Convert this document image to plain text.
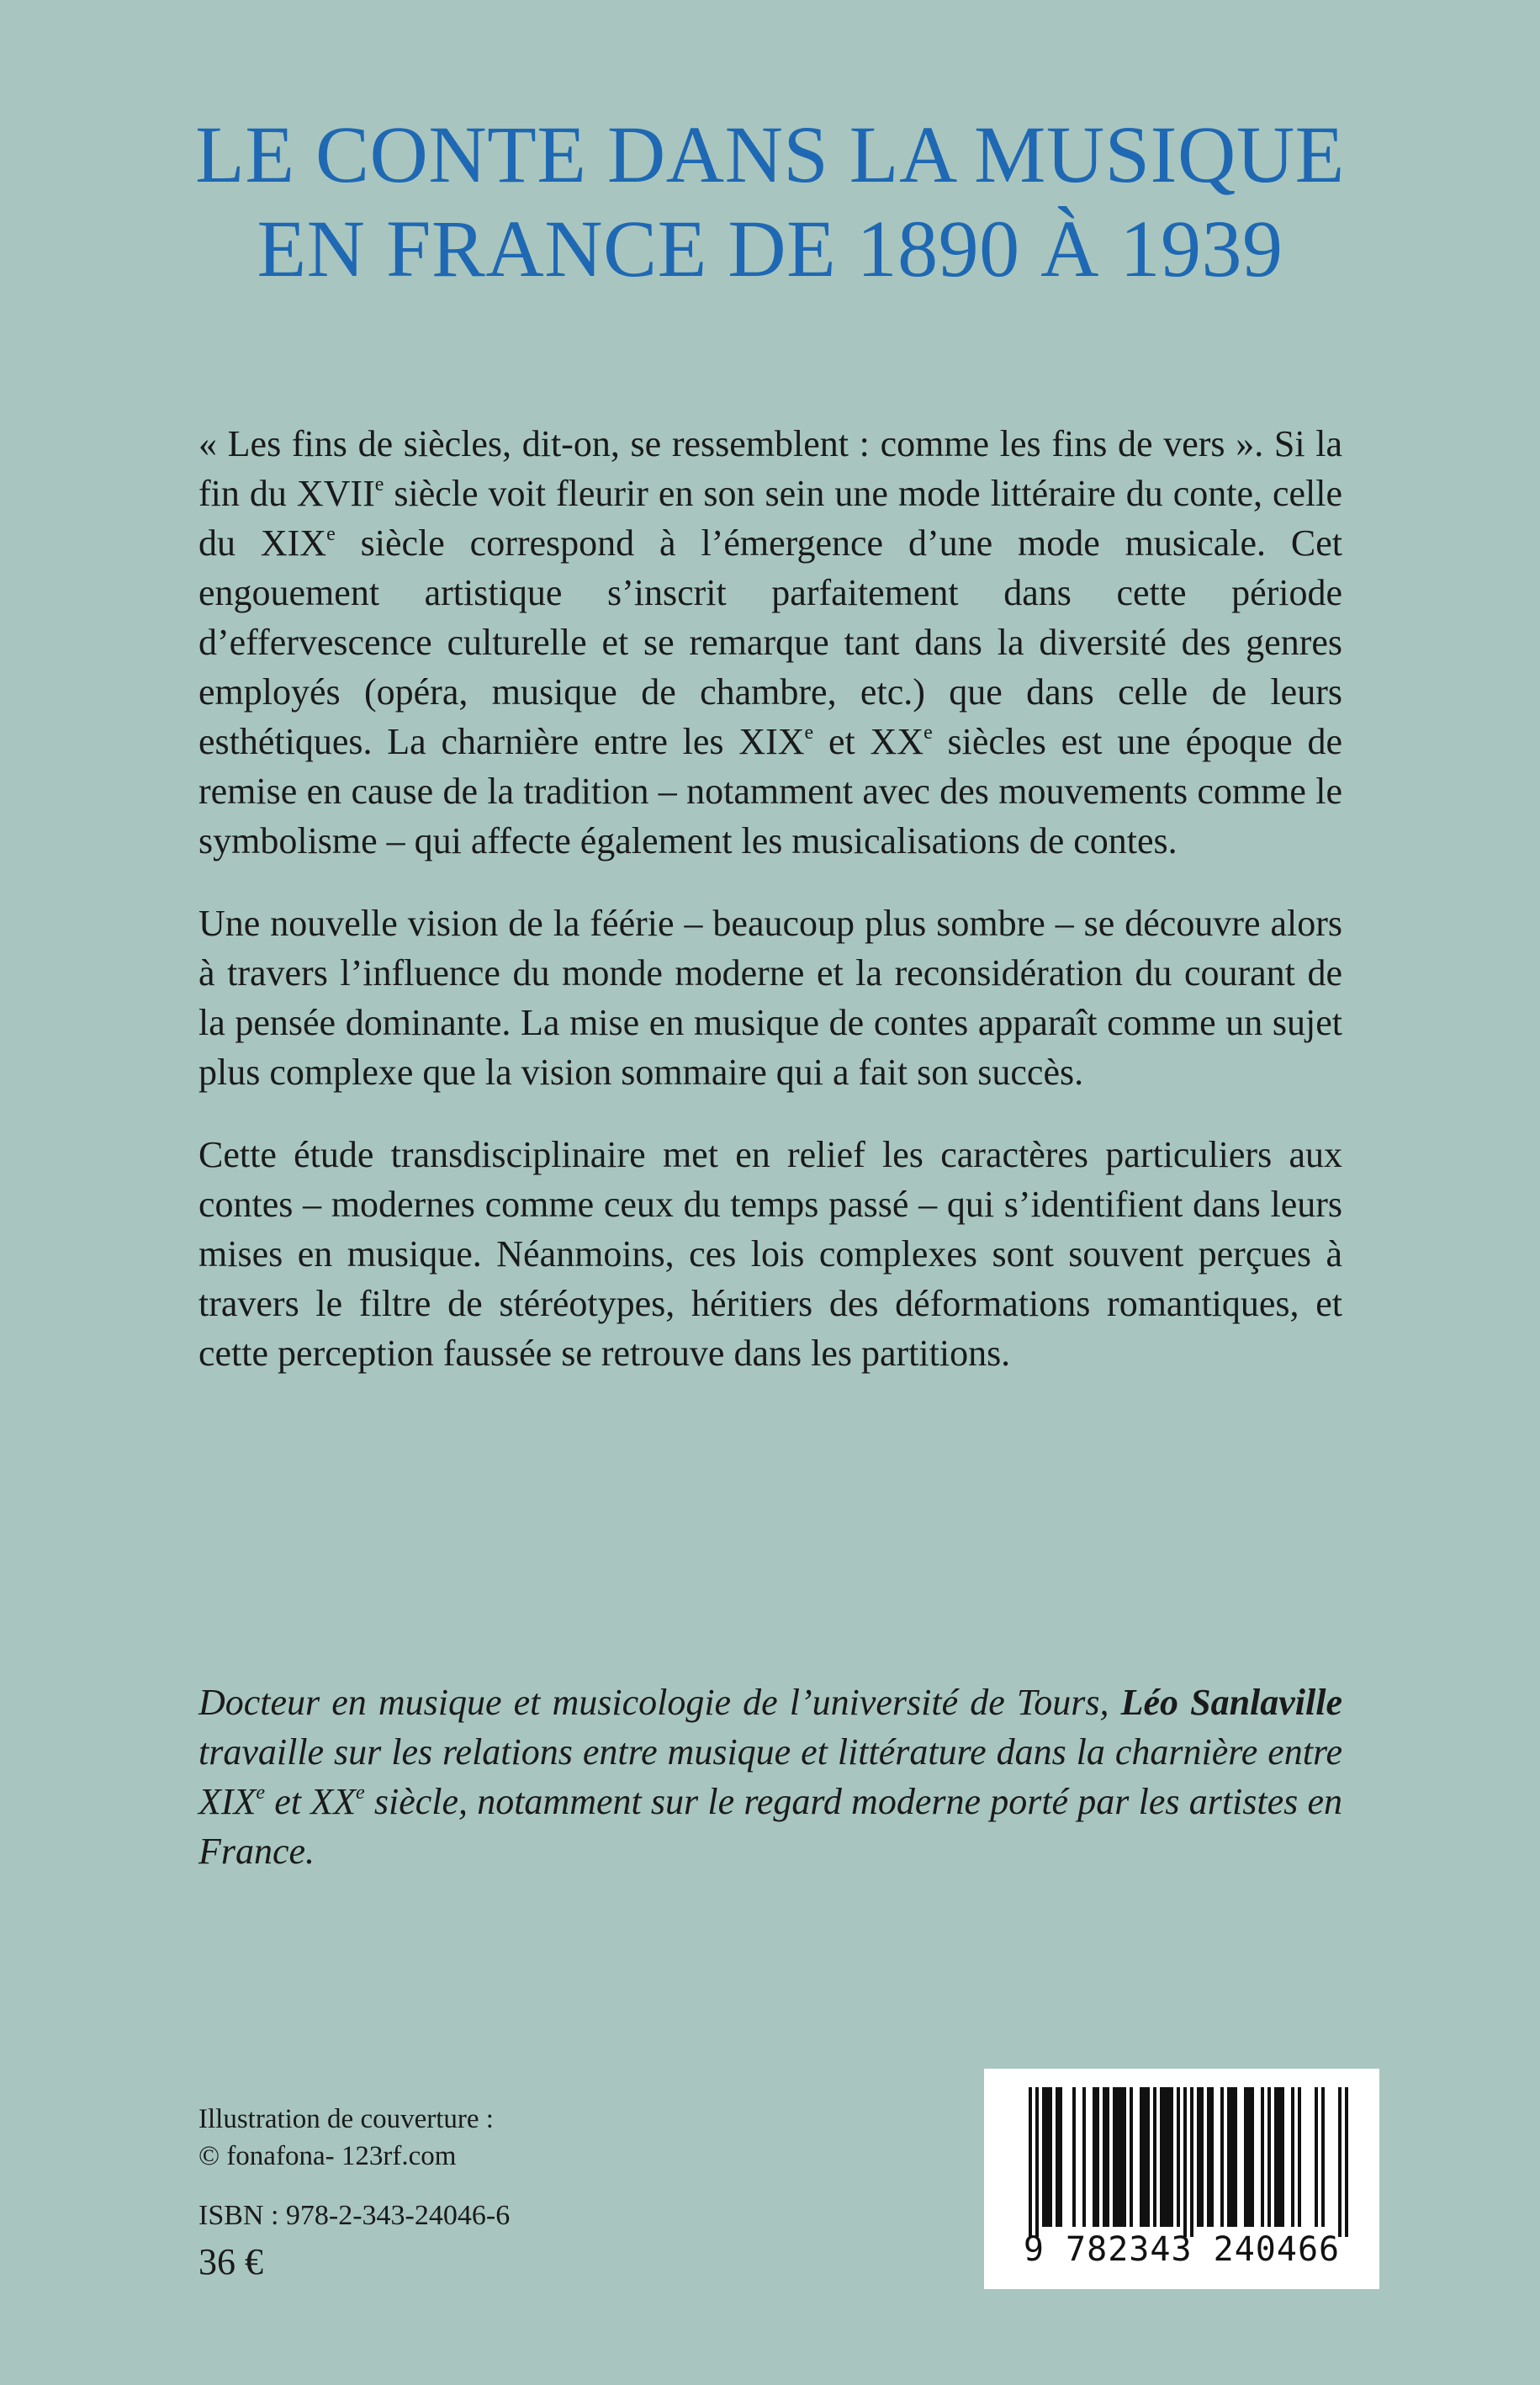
LE CONTE DANS LA MUSIQUE
EN FRANCE DE 1890 À 1939

« Les fins de siècles, dit-on, se ressemblent : comme les fins de vers ». Si la fin du XVIIe siècle voit fleurir en son sein une mode littéraire du conte, celle du XIXe siècle correspond à l’émergence d’une mode musicale. Cet engouement artistique s’inscrit parfaitement dans cette période d’effervescence culturelle et se remarque tant dans la diversité des genres employés (opéra, musique de chambre, etc.) que dans celle de leurs esthétiques. La charnière entre les XIXe et XXe siècles est une époque de remise en cause de la tradition – notamment avec des mouvements comme le symbolisme – qui affecte également les musicalisations de contes.

Une nouvelle vision de la féérie – beaucoup plus sombre – se découvre alors à travers l’influence du monde moderne et la reconsidération du courant de la pensée dominante. La mise en musique de contes apparaît comme un sujet plus complexe que la vision sommaire qui a fait son succès.

Cette étude transdisciplinaire met en relief les caractères particuliers aux contes – modernes comme ceux du temps passé – qui s’identifient dans leurs mises en musique. Néanmoins, ces lois complexes sont souvent perçues à travers le filtre de stéréotypes, héritiers des déformations romantiques, et cette perception faussée se retrouve dans les partitions.

Docteur en musique et musicologie de l’université de Tours, Léo Sanlaville travaille sur les relations entre musique et littérature dans la charnière entre XIXe et XXe siècle, notamment sur le regard moderne porté par les artistes en France.

Illustration de couverture :
© fonafona- 123rf.com
ISBN : 978-2-343-24046-6
36 €	9 782343 240466
